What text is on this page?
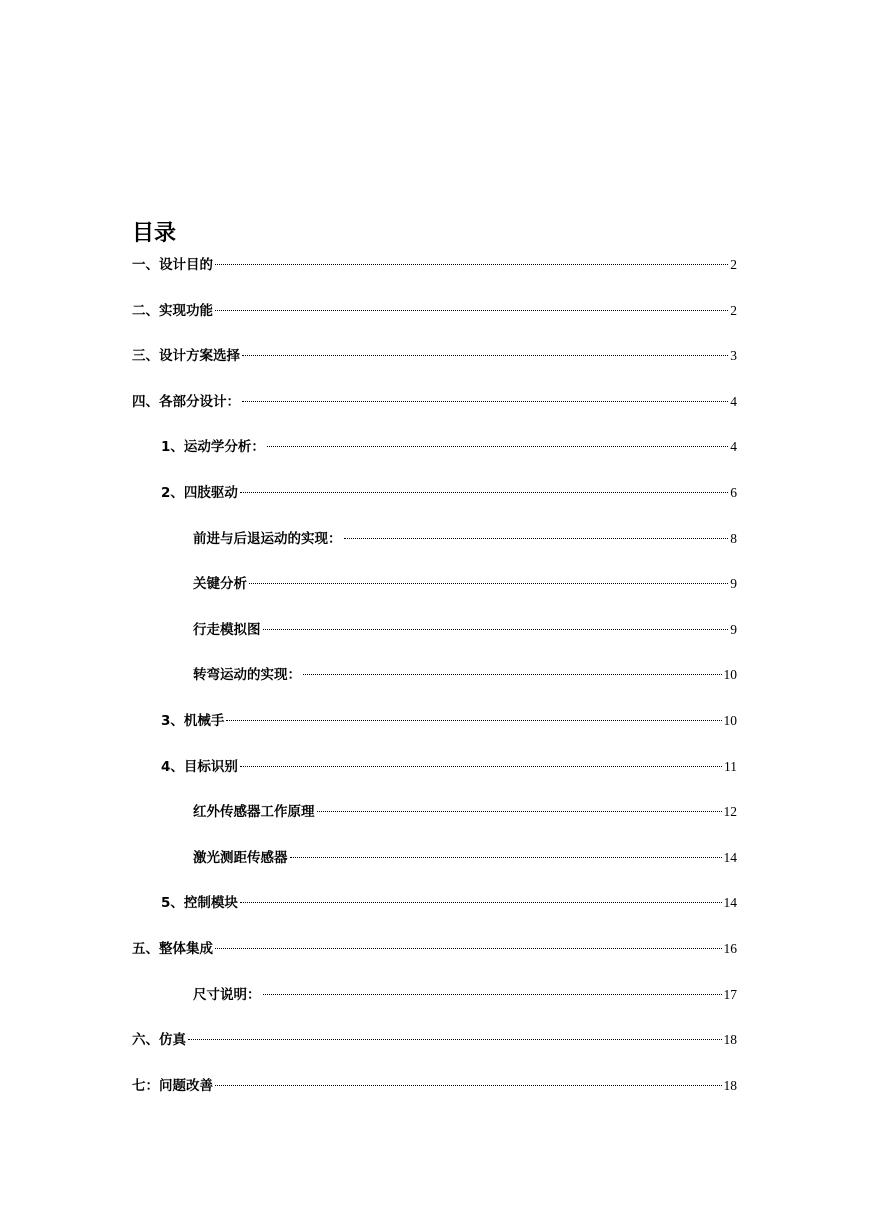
目录
一、设计目的	2
二、实现功能	2
三、设计方案选择	3
四、各部分设计：	4
1、运动学分析：	4
2、四肢驱动	6
前进与后退运动的实现：	8
关键分析	9
行走模拟图	9
转弯运动的实现：	10
3、机械手	10
4、目标识别	11
红外传感器工作原理	12
激光测距传感器	14
5、控制模块	14
五、整体集成	16
尺寸说明：	17
六、仿真	18
七：问题改善	18
